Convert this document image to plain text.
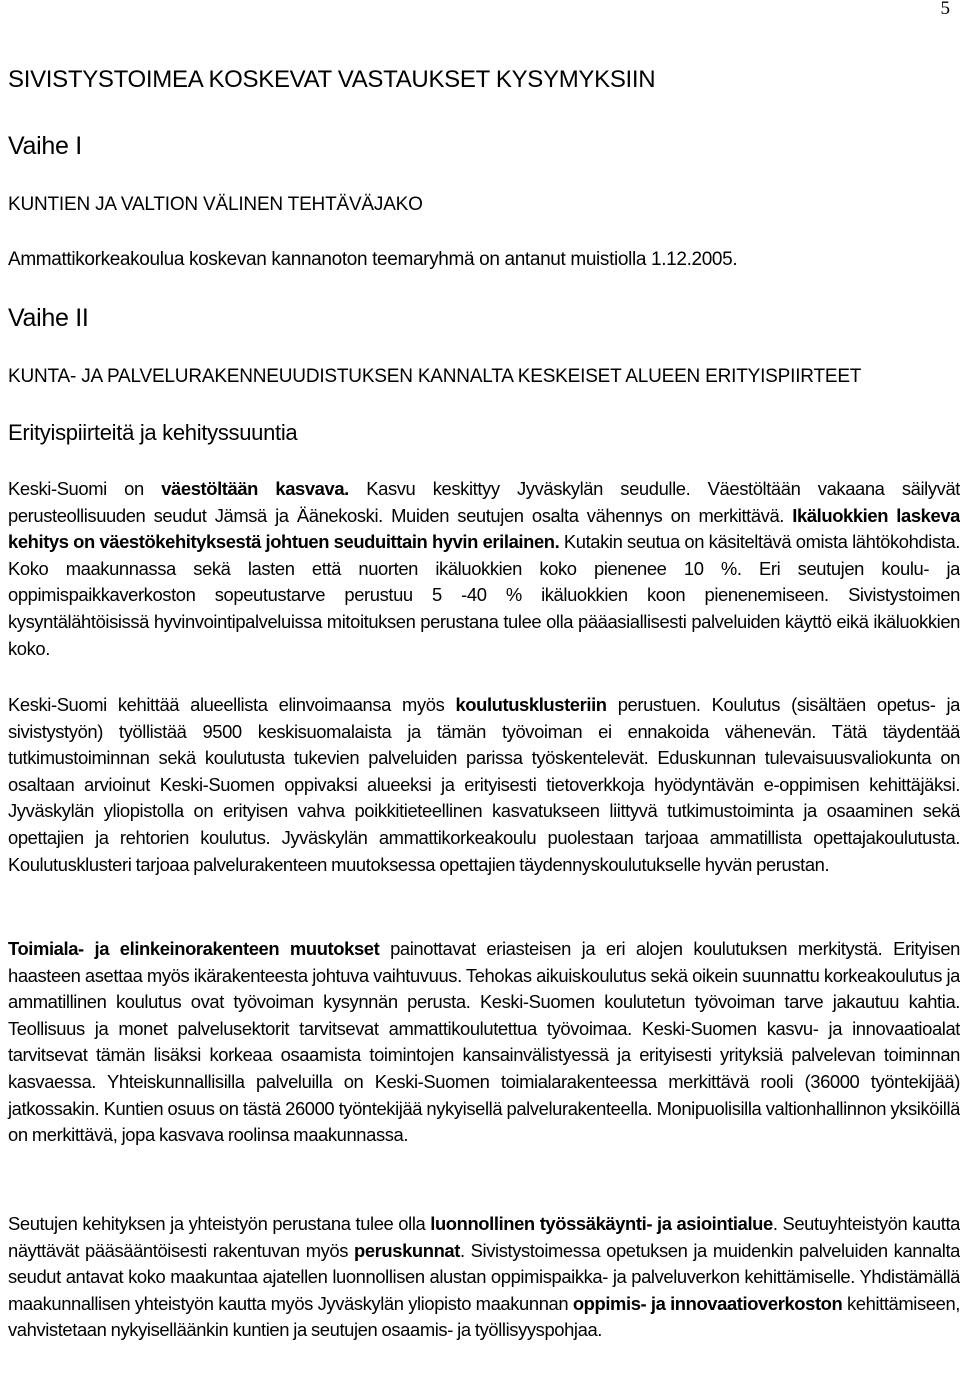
5
SIVISTYSTOIMEA KOSKEVAT VASTAUKSET KYSYMYKSIIN
Vaihe I
KUNTIEN JA VALTION VÄLINEN TEHTÄVÄJAKO
Ammattikorkeakoulua koskevan kannanoton teemaryhmä on antanut muistiolla 1.12.2005.
Vaihe II
KUNTA- JA PALVELURAKENNEUUDISTUKSEN KANNALTA KESKEISET ALUEEN ERITYISPIIRTEET
Erityispiirteitä ja kehityssuuntia

Keski-Suomi on väestöltään kasvava. Kasvu keskittyy Jyväskylän seudulle. Väestöltään vakaana säilyvät perusteollisuuden seudut Jämsä ja Äänekoski. Muiden seutujen osalta vähennys on merkittävä. Ikäluokkien laskeva kehitys on väestökehityksestä johtuen seuduittain hyvin erilainen. Kutakin seutua on käsiteltävä omista lähtökohdista. Koko maakunnassa sekä lasten että nuorten ikäluokkien koko pienenee 10 %. Eri seutujen koulu- ja oppimispaikkaverkoston sopeutustarve perustuu 5 -40 % ikäluokkien koon pienenemiseen. Sivistystoimen kysyntälähtöisissä hyvinvointipalveluissa mitoituksen perustana tulee olla pääasiallisesti palveluiden käyttö eikä ikäluokkien koko.

Keski-Suomi kehittää alueellista elinvoimaansa myös koulutusklusteriin perustuen. Koulutus (sisältäen opetus- ja sivistystyön) työllistää 9500 keskisuomalaista ja tämän työvoiman ei ennakoida vähenevän. Tätä täydentää tutkimustoiminnan sekä koulutusta tukevien palveluiden parissa työskentelevät. Eduskunnan tulevaisuusvaliokunta on osaltaan arvioinut Keski-Suomen oppivaksi alueeksi ja erityisesti tietoverkkoja hyödyntävän e-oppimisen kehittäjäksi. Jyväskylän yliopistolla on erityisen vahva poikkitieteellinen kasvatukseen liittyvä tutkimustoiminta ja osaaminen sekä opettajien ja rehtorien koulutus. Jyväskylän ammattikorkeakoulu puolestaan tarjoaa ammatillista opettajakoulutusta. Koulutusklusteri tarjoaa palvelurakenteen muutoksessa opettajien täydennyskoulutukselle hyvän perustan.

Toimiala- ja elinkeinorakenteen muutokset painottavat eriasteisen ja eri alojen koulutuksen merkitystä. Erityisen haasteen asettaa myös ikärakenteesta johtuva vaihtuvuus. Tehokas aikuiskoulutus sekä oikein suunnattu korkeakoulutus ja ammatillinen koulutus ovat työvoiman kysynnän perusta. Keski-Suomen koulutetun työvoiman tarve jakautuu kahtia. Teollisuus ja monet palvelusektorit tarvitsevat ammattikoulutettua työvoimaa. Keski-Suomen kasvu- ja innovaatioalat tarvitsevat tämän lisäksi korkeaa osaamista toimintojen kansainvälistyessä ja erityisesti yrityksiä palvelevan toiminnan kasvaessa. Yhteiskunnallisilla palveluilla on Keski-Suomen toimialarakenteessa merkittävä rooli (36000 työntekijää) jatkossakin. Kuntien osuus on tästä 26000 työntekijää nykyisellä palvelurakenteella. Monipuolisilla valtionhallinnon yksiköillä on merkittävä, jopa kasvava roolinsa maakunnassa.

Seutujen kehityksen ja yhteistyön perustana tulee olla luonnollinen työssäkäynti- ja asiointialue. Seutuyhteistyön kautta näyttävät pääsääntöisesti rakentuvan myös peruskunnat. Sivistystoimessa opetuksen ja muidenkin palveluiden kannalta seudut antavat koko maakuntaa ajatellen luonnollisen alustan oppimispaikka- ja palveluverkon kehittämiselle. Yhdistämällä maakunnallisen yhteistyön kautta myös Jyväskylän yliopisto maakunnan oppimis- ja innovaatioverkoston kehittämiseen, vahvistetaan nykyiselläänkin kuntien ja seutujen osaamis- ja työllisyyspohjaa.
